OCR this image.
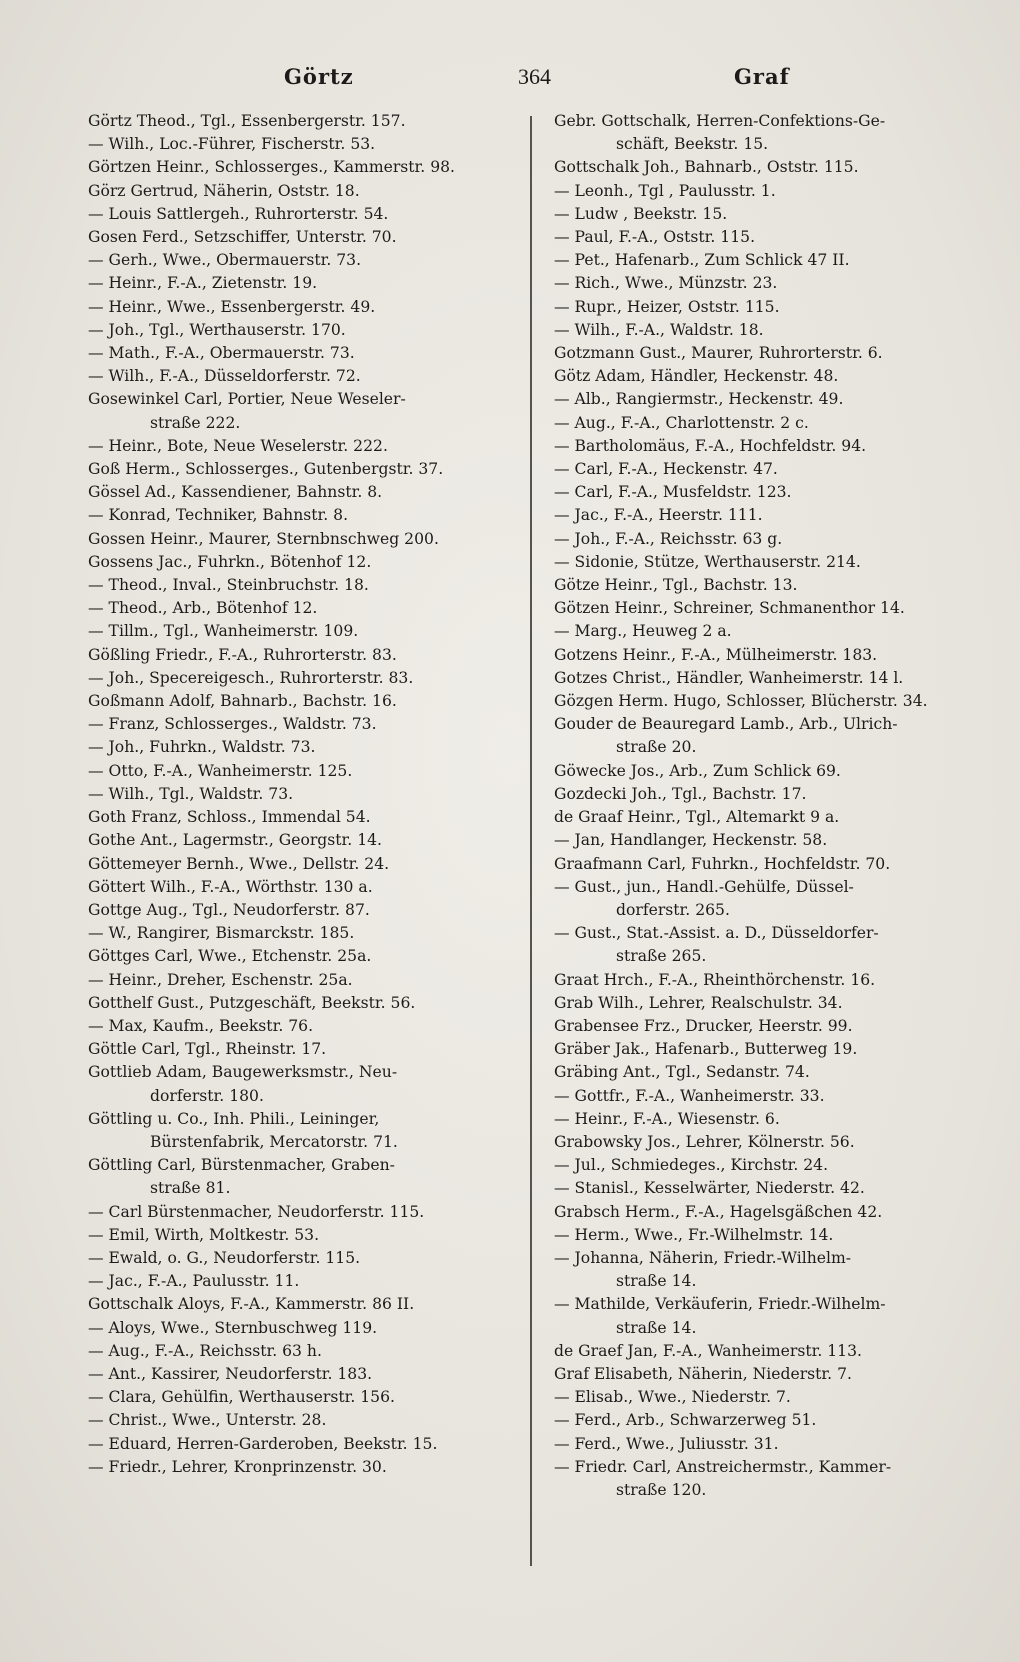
Görtz	364	Graf
Görtz Theod., Tgl., Essenbergerstr. 157.
— Wilh., Loc.-Führer, Fischerstr. 53.
Görtzen Heinr., Schlosserges., Kammerstr. 98.
Görz Gertrud, Näherin, Oststr. 18.
— Louis Sattlergeh., Ruhrorterstr. 54.
Gosen Ferd., Setzschiffer, Unterstr. 70.
— Gerh., Wwe., Obermauerstr. 73.
— Heinr., F.-A., Zietenstr. 19.
— Heinr., Wwe., Essenbergerstr. 49.
— Joh., Tgl., Werthauserstr. 170.
— Math., F.-A., Obermauerstr. 73.
— Wilh., F.-A., Düsseldorferstr. 72.
Gosewinkel Carl, Portier, Neue Weseler-
straße 222.
— Heinr., Bote, Neue Weselerstr. 222.
Goß Herm., Schlosserges., Gutenbergstr. 37.
Gössel Ad., Kassendiener, Bahnstr. 8.
— Konrad, Techniker, Bahnstr. 8.
Gossen Heinr., Maurer, Sternbnschweg 200.
Gossens Jac., Fuhrkn., Bötenhof 12.
— Theod., Inval., Steinbruchstr. 18.
— Theod., Arb., Bötenhof 12.
— Tillm., Tgl., Wanheimerstr. 109.
Gößling Friedr., F.-A., Ruhrorterstr. 83.
— Joh., Specereigesch., Ruhrorterstr. 83.
Goßmann Adolf, Bahnarb., Bachstr. 16.
— Franz, Schlosserges., Waldstr. 73.
— Joh., Fuhrkn., Waldstr. 73.
— Otto, F.-A., Wanheimerstr. 125.
— Wilh., Tgl., Waldstr. 73.
Goth Franz, Schloss., Immendal 54.
Gothe Ant., Lagermstr., Georgstr. 14.
Göttemeyer Bernh., Wwe., Dellstr. 24.
Göttert Wilh., F.-A., Wörthstr. 130 a.
Gottge Aug., Tgl., Neudorferstr. 87.
— W., Rangirer, Bismarckstr. 185.
Göttges Carl, Wwe., Etchenstr. 25a.
— Heinr., Dreher, Eschenstr. 25a.
Gotthelf Gust., Putzgeschäft, Beekstr. 56.
— Max, Kaufm., Beekstr. 76.
Göttle Carl, Tgl., Rheinstr. 17.
Gottlieb Adam, Baugewerksmstr., Neu-
dorferstr. 180.
Göttling u. Co., Inh. Phili., Leininger,
Bürstenfabrik, Mercatorstr. 71.
Göttling Carl, Bürstenmacher, Graben-
straße 81.
— Carl Bürstenmacher, Neudorferstr. 115.
— Emil, Wirth, Moltkestr. 53.
— Ewald, o. G., Neudorferstr. 115.
— Jac., F.-A., Paulusstr. 11.
Gottschalk Aloys, F.-A., Kammerstr. 86 II.
— Aloys, Wwe., Sternbuschweg 119.
— Aug., F.-A., Reichsstr. 63 h.
— Ant., Kassirer, Neudorferstr. 183.
— Clara, Gehülfin, Werthauserstr. 156.
— Christ., Wwe., Unterstr. 28.
— Eduard, Herren-Garderoben, Beekstr. 15.
— Friedr., Lehrer, Kronprinzenstr. 30.
Gebr. Gottschalk, Herren-Confektions-Ge-
schäft, Beekstr. 15.
Gottschalk Joh., Bahnarb., Oststr. 115.
— Leonh., Tgl , Paulusstr. 1.
— Ludw , Beekstr. 15.
— Paul, F.-A., Oststr. 115.
— Pet., Hafenarb., Zum Schlick 47 II.
— Rich., Wwe., Münzstr. 23.
— Rupr., Heizer, Oststr. 115.
— Wilh., F.-A., Waldstr. 18.
Gotzmann Gust., Maurer, Ruhrorterstr. 6.
Götz Adam, Händler, Heckenstr. 48.
— Alb., Rangiermstr., Heckenstr. 49.
— Aug., F.-A., Charlottenstr. 2 c.
— Bartholomäus, F.-A., Hochfeldstr. 94.
— Carl, F.-A., Heckenstr. 47.
— Carl, F.-A., Musfeldstr. 123.
— Jac., F.-A., Heerstr. 111.
— Joh., F.-A., Reichsstr. 63 g.
— Sidonie, Stütze, Werthauserstr. 214.
Götze Heinr., Tgl., Bachstr. 13.
Götzen Heinr., Schreiner, Schmanenthor 14.
— Marg., Heuweg 2 a.
Gotzens Heinr., F.-A., Mülheimerstr. 183.
Gotzes Christ., Händler, Wanheimerstr. 14 l.
Gözgen Herm. Hugo, Schlosser, Blücherstr. 34.
Gouder de Beauregard Lamb., Arb., Ulrich-
straße 20.
Göwecke Jos., Arb., Zum Schlick 69.
Gozdecki Joh., Tgl., Bachstr. 17.
de Graaf Heinr., Tgl., Altemarkt 9 a.
— Jan, Handlanger, Heckenstr. 58.
Graafmann Carl, Fuhrkn., Hochfeldstr. 70.
— Gust., jun., Handl.-Gehülfe, Düssel-
dorferstr. 265.
— Gust., Stat.-Assist. a. D., Düsseldorfer-
straße 265.
Graat Hrch., F.-A., Rheinthörchenstr. 16.
Grab Wilh., Lehrer, Realschulstr. 34.
Grabensee Frz., Drucker, Heerstr. 99.
Gräber Jak., Hafenarb., Butterweg 19.
Gräbing Ant., Tgl., Sedanstr. 74.
— Gottfr., F.-A., Wanheimerstr. 33.
— Heinr., F.-A., Wiesenstr. 6.
Grabowsky Jos., Lehrer, Kölnerstr. 56.
— Jul., Schmiedeges., Kirchstr. 24.
— Stanisl., Kesselwärter, Niederstr. 42.
Grabsch Herm., F.-A., Hagelsgäßchen 42.
— Herm., Wwe., Fr.-Wilhelmstr. 14.
— Johanna, Näherin, Friedr.-Wilhelm-
straße 14.
— Mathilde, Verkäuferin, Friedr.-Wilhelm-
straße 14.
de Graef Jan, F.-A., Wanheimerstr. 113.
Graf Elisabeth, Näherin, Niederstr. 7.
— Elisab., Wwe., Niederstr. 7.
— Ferd., Arb., Schwarzerweg 51.
— Ferd., Wwe., Juliusstr. 31.
— Friedr. Carl, Anstreichermstr., Kammer-
straße 120.
